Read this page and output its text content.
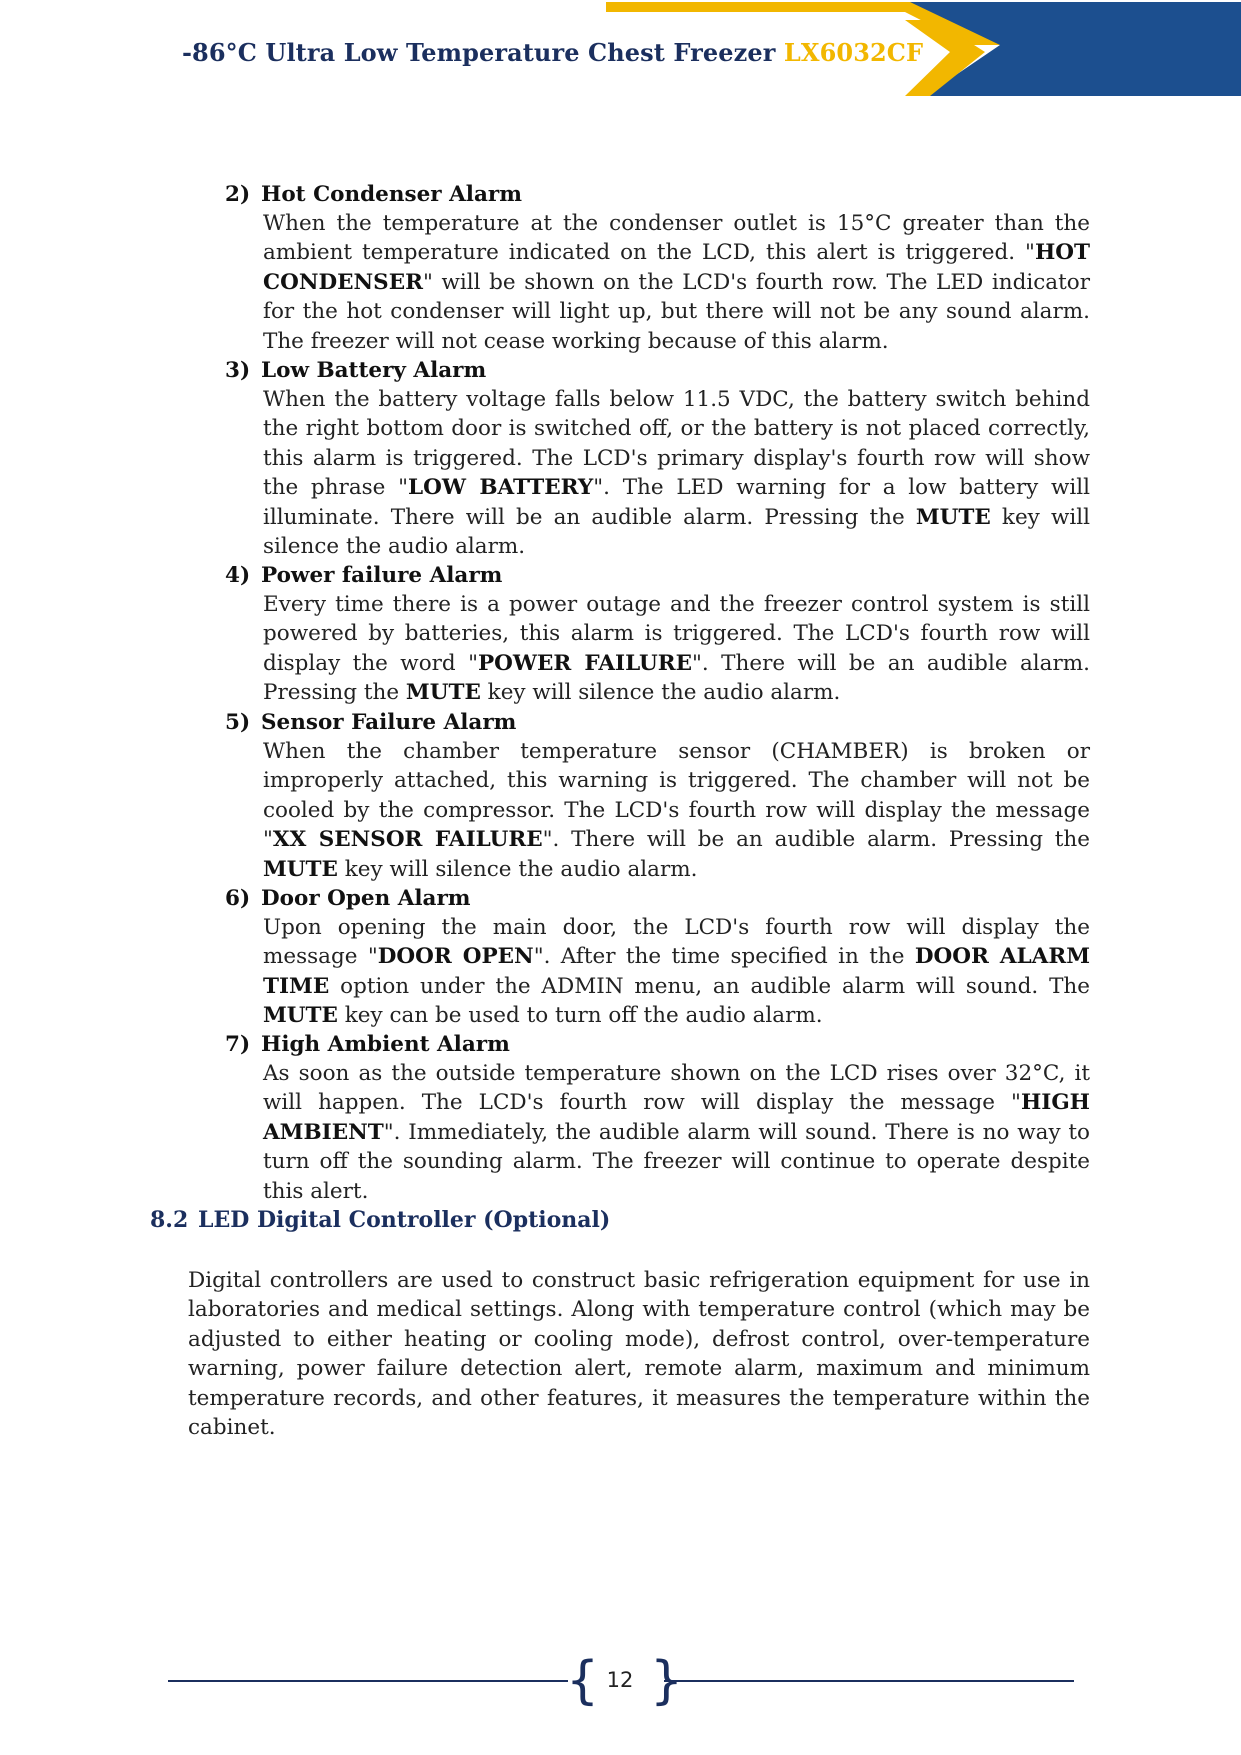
-86°C Ultra Low Temperature Chest Freezer LX6032CF
2) Hot Condenser Alarm
When the temperature at the condenser outlet is 15°C greater than the ambient temperature indicated on the LCD, this alert is triggered. "HOT CONDENSER" will be shown on the LCD's fourth row. The LED indicator for the hot condenser will light up, but there will not be any sound alarm. The freezer will not cease working because of this alarm.
3) Low Battery Alarm
When the battery voltage falls below 11.5 VDC, the battery switch behind the right bottom door is switched off, or the battery is not placed correctly, this alarm is triggered. The LCD's primary display's fourth row will show the phrase "LOW BATTERY". The LED warning for a low battery will illuminate. There will be an audible alarm. Pressing the MUTE key will silence the audio alarm.
4) Power failure Alarm
Every time there is a power outage and the freezer control system is still powered by batteries, this alarm is triggered. The LCD's fourth row will display the word "POWER FAILURE". There will be an audible alarm. Pressing the MUTE key will silence the audio alarm.
5) Sensor Failure Alarm
When the chamber temperature sensor (CHAMBER) is broken or improperly attached, this warning is triggered. The chamber will not be cooled by the compressor. The LCD's fourth row will display the message "XX SENSOR FAILURE". There will be an audible alarm. Pressing the MUTE key will silence the audio alarm.
6) Door Open Alarm
Upon opening the main door, the LCD's fourth row will display the message "DOOR OPEN". After the time specified in the DOOR ALARM TIME option under the ADMIN menu, an audible alarm will sound. The MUTE key can be used to turn off the audio alarm.
7) High Ambient Alarm
As soon as the outside temperature shown on the LCD rises over 32°C, it will happen. The LCD's fourth row will display the message "HIGH AMBIENT". Immediately, the audible alarm will sound. There is no way to turn off the sounding alarm. The freezer will continue to operate despite this alert.
8.2 LED Digital Controller (Optional)
Digital controllers are used to construct basic refrigeration equipment for use in laboratories and medical settings. Along with temperature control (which may be adjusted to either heating or cooling mode), defrost control, over-temperature warning, power failure detection alert, remote alarm, maximum and minimum temperature records, and other features, it measures the temperature within the cabinet.
{ }
12
